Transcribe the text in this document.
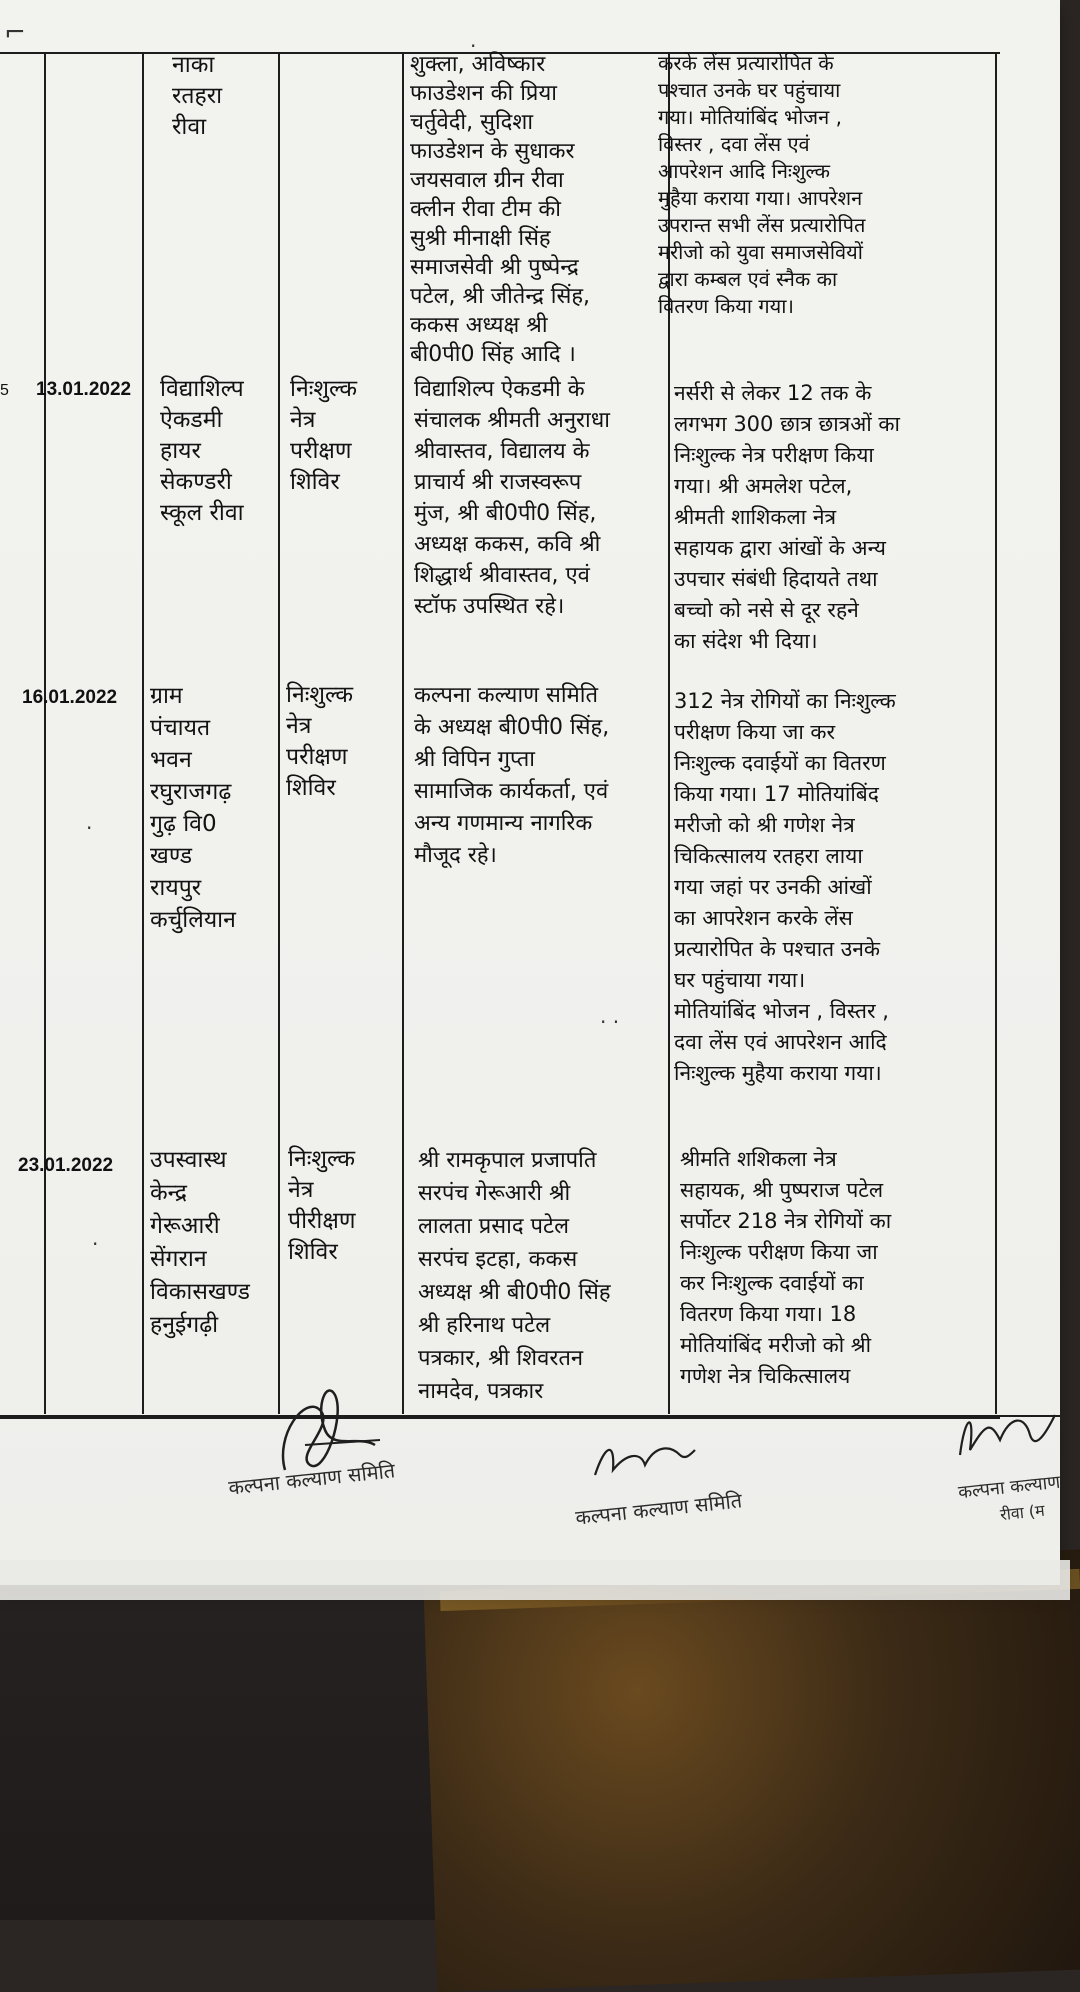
⌐	·
नाका
रतहरा
रीवा
शुक्ला, अविष्कार
फाउडेशन की प्रिया
चर्तुवेदी, सुदिशा
फाउडेशन के सुधाकर
जयसवाल ग्रीन रीवा
क्लीन रीवा टीम की
सुश्री मीनाक्षी सिंह
समाजसेवी श्री पुष्पेन्द्र
पटेल, श्री जीतेन्द्र सिंह,
ककस अध्यक्ष श्री
बी0पी0 सिंह आदि ।
करके लेंस प्रत्यारोपित के
पश्चात उनके घर पहुंचाया
गया। मोतियांबिंद भोजन ,
विस्तर , दवा लेंस एवं
आपरेशन आदि निःशुल्क
मुहैया कराया गया। आपरेशन
उपरान्त सभी लेंस प्रत्यारोपित
मरीजो को युवा समाजसेवियों
द्वारा कम्बल एवं स्नैक का
वितरण किया गया।
5 13.01.2022 विद्याशिल्प
ऐकडमी
हायर
सेकण्डरी
स्कूल रीवा
निःशुल्क
नेत्र
परीक्षण
शिविर
विद्याशिल्प ऐकडमी के
संचालक श्रीमती अनुराधा
श्रीवास्तव, विद्यालय के
प्राचार्य श्री राजस्वरूप
मुंज, श्री बी0पी0 सिंह,
अध्यक्ष ककस, कवि श्री
शिद्धार्थ श्रीवास्तव, एवं
स्टॉफ उपस्थित रहे।
नर्सरी से लेकर 12 तक के
लगभग 300 छात्र छात्रओं का
निःशुल्क नेत्र परीक्षण किया
गया। श्री अमलेश पटेल,
श्रीमती शाशिकला नेत्र
सहायक द्वारा आंखों के अन्य
उपचार संबंधी हिदायते तथा
बच्चो को नसे से दूर रहने
का संदेश भी दिया।
16.01.2022 ग्राम
पंचायत
भवन
रघुराजगढ़
गुढ़ वि0
खण्ड
रायपुर
कर्चुलियान
निःशुल्क
नेत्र
परीक्षण
शिविर
कल्पना कल्याण समिति
के अध्यक्ष बी0पी0 सिंह,
श्री विपिन गुप्ता
सामाजिक कार्यकर्ता, एवं
अन्य गणमान्य नागरिक
मौजूद रहे।
312 नेत्र रोगियों का निःशुल्क
परीक्षण किया जा कर
निःशुल्क दवाईयों का वितरण
किया गया। 17 मोतियांबिंद
मरीजो को श्री गणेश नेत्र
चिकित्सालय रतहरा लाया
गया जहां पर उनकी आंखों
का आपरेशन करके लेंस
प्रत्यारोपित के पश्चात उनके
घर पहुंचाया गया।
मोतियांबिंद भोजन , विस्तर ,
दवा लेंस एवं आपरेशन आदि
निःशुल्क मुहैया कराया गया।
·
· ·
23.01.2022 उपस्वास्थ
केन्द्र
गेरूआरी
सेंगरान
विकासखण्ड
हनुईगढ़ी
निःशुल्क
नेत्र
पीरीक्षण
शिविर
श्री रामकृपाल प्रजापति
सरपंच गेरूआरी श्री
लालता प्रसाद पटेल
सरपंच इटहा, ककस
अध्यक्ष श्री बी0पी0 सिंह
श्री हरिनाथ पटेल
पत्रकार, श्री शिवरतन
नामदेव, पत्रकार
श्रीमति शशिकला नेत्र
सहायक, श्री पुष्पराज पटेल
सर्पोटर 218 नेत्र रोगियों का
निःशुल्क परीक्षण किया जा
कर निःशुल्क दवाईयों का
वितरण किया गया। 18
मोतियांबिंद मरीजो को श्री
गणेश नेत्र चिकित्सालय
·
कल्पना कल्याण समिति
कल्पना कल्याण समिति
कल्पना कल्याण
रीवा (म
